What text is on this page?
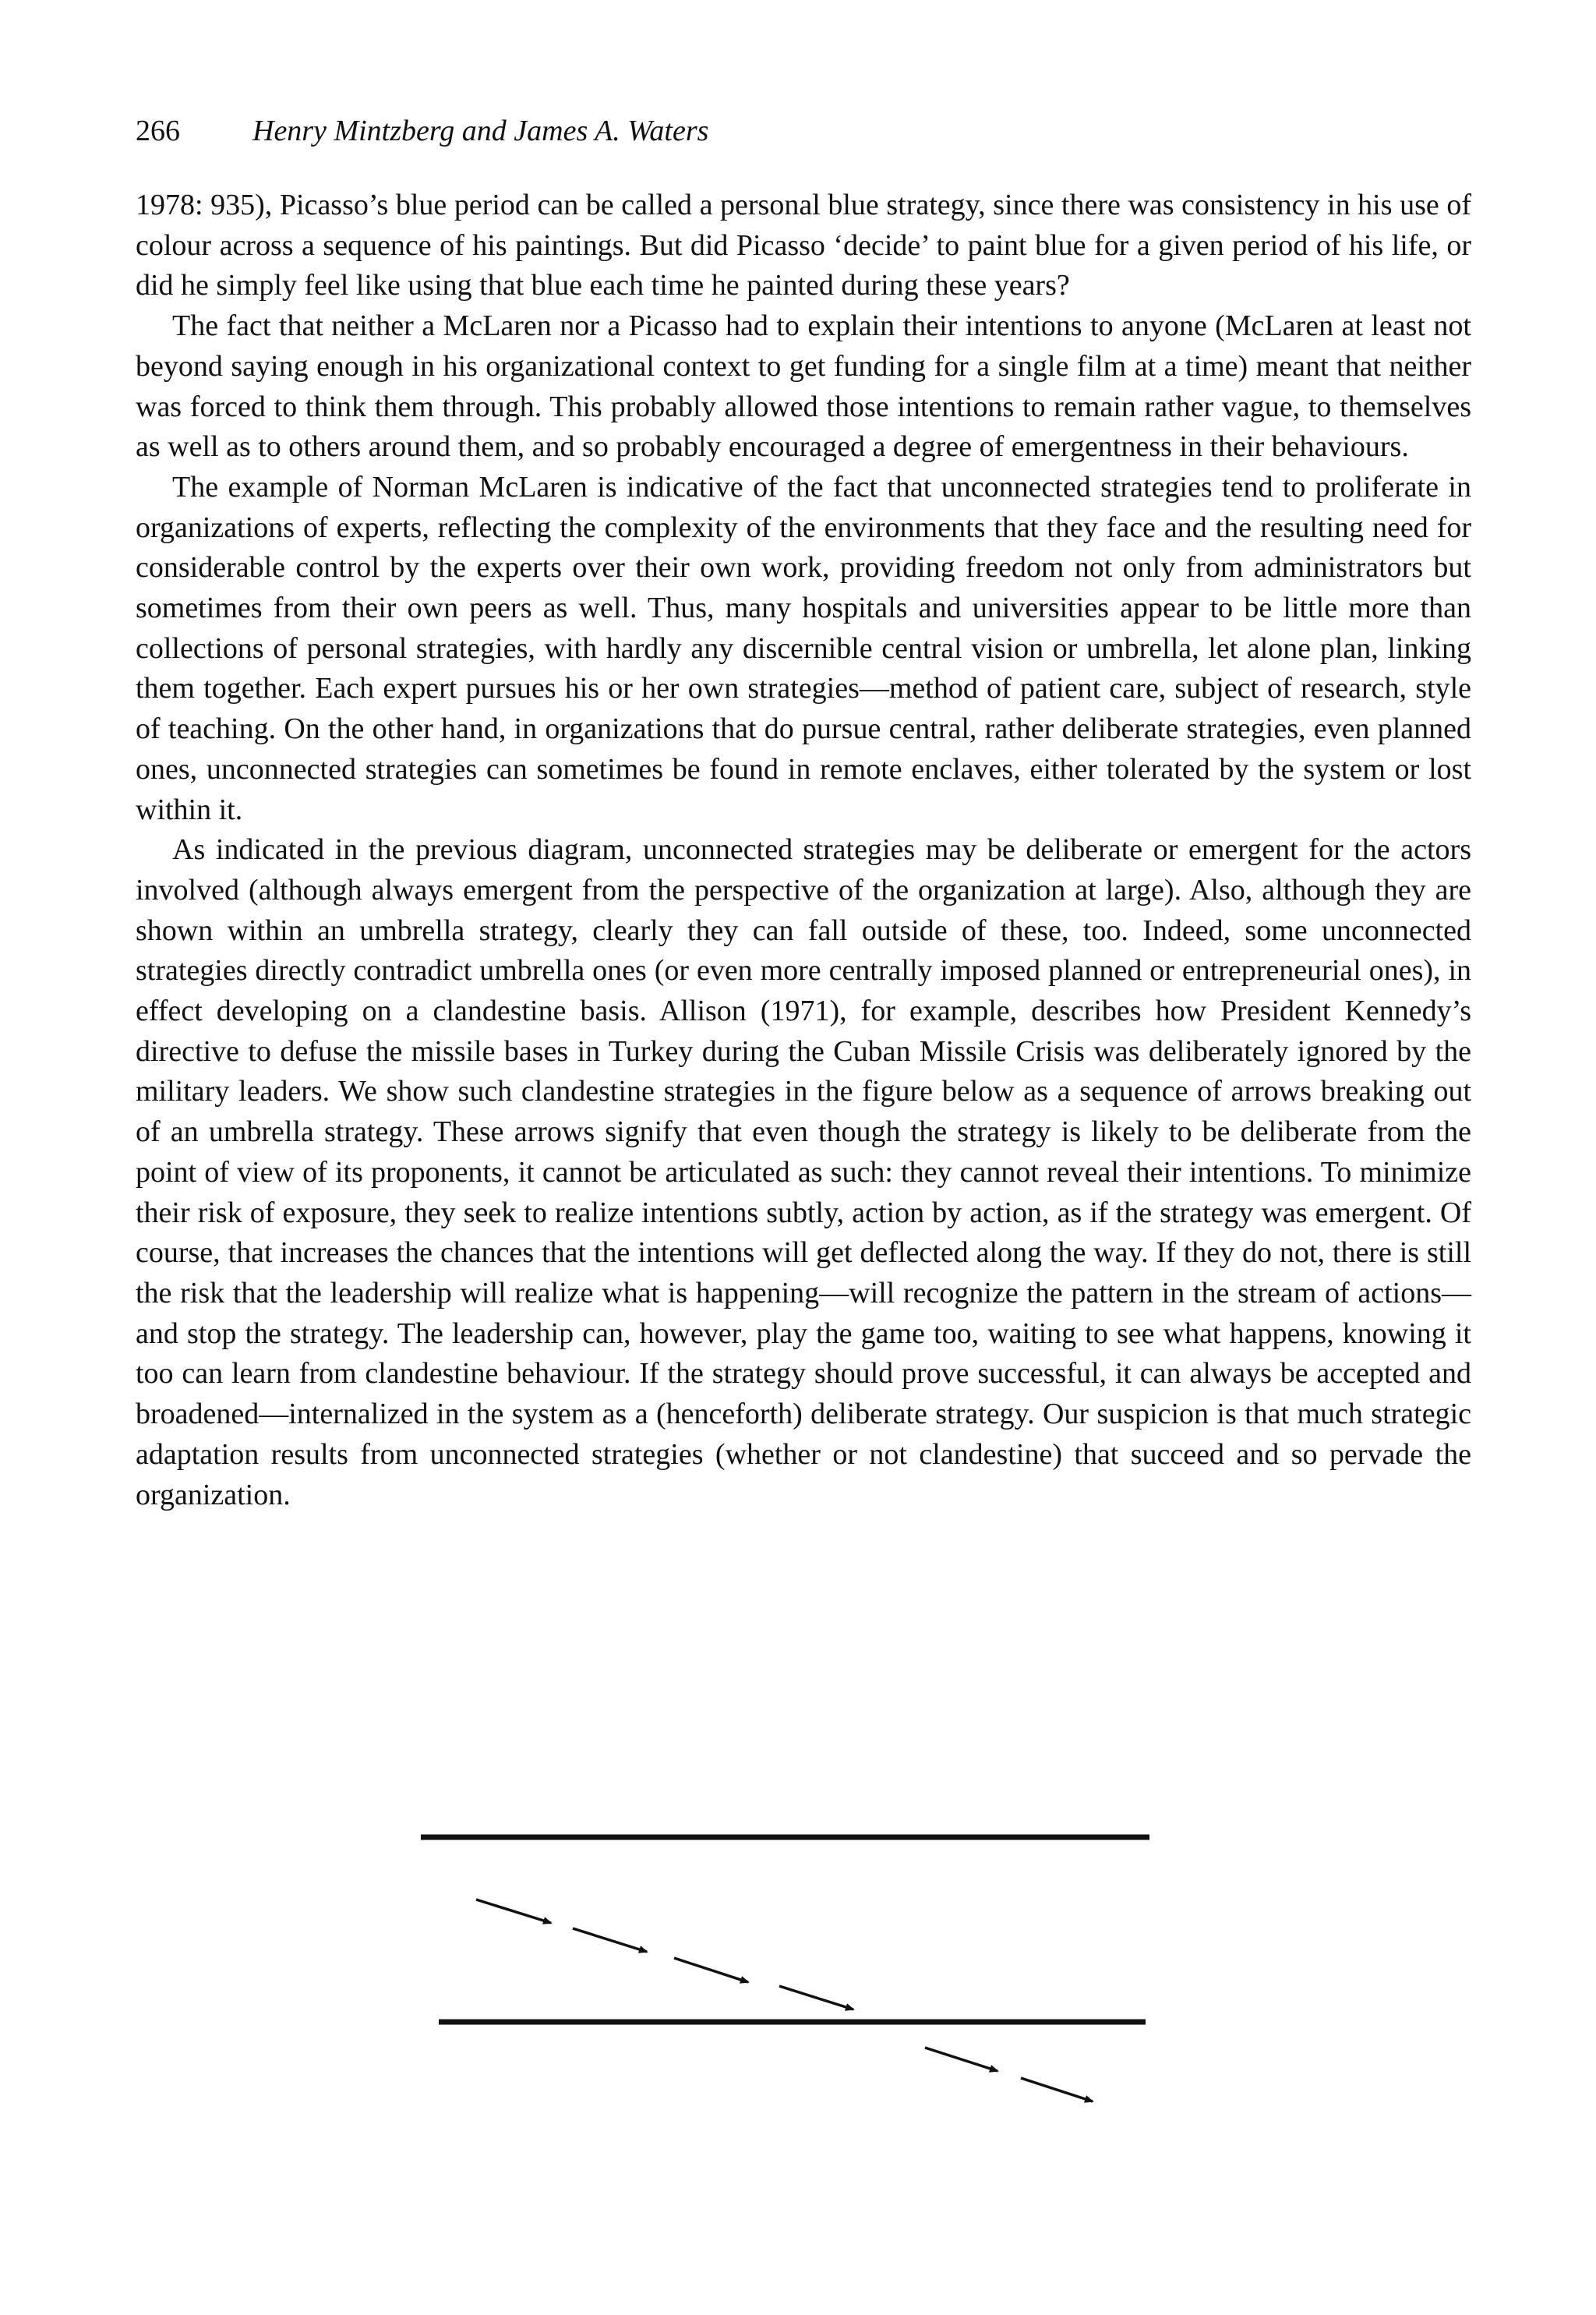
266 Henry Mintzberg and James A. Waters

1978: 935), Picasso’s blue period can be called a personal blue strategy, since there was consistency in his use of colour across a sequence of his paintings. But did Picasso ‘decide’ to paint blue for a given period of his life, or did he simply feel like using that blue each time he painted during these years?

The fact that neither a McLaren nor a Picasso had to explain their intentions to anyone (McLaren at least not beyond saying enough in his organizational context to get funding for a single film at a time) meant that neither was forced to think them through. This probably allowed those intentions to remain rather vague, to themselves as well as to others around them, and so probably encouraged a degree of emergentness in their behaviours.

The example of Norman McLaren is indicative of the fact that unconnected strategies tend to proliferate in organizations of experts, reflecting the complexity of the environments that they face and the resulting need for considerable control by the experts over their own work, providing freedom not only from administrators but sometimes from their own peers as well. Thus, many hospitals and universities appear to be little more than collections of personal strategies, with hardly any discernible central vision or umbrella, let alone plan, linking them together. Each expert pursues his or her own strategies—method of patient care, subject of research, style of teaching. On the other hand, in organizations that do pursue central, rather deliberate strategies, even planned ones, unconnected strategies can sometimes be found in remote enclaves, either tolerated by the system or lost within it.

As indicated in the previous diagram, unconnected strategies may be deliberate or emergent for the actors involved (although always emergent from the perspective of the organization at large). Also, although they are shown within an umbrella strategy, clearly they can fall outside of these, too. Indeed, some unconnected strategies directly contradict umbrella ones (or even more centrally imposed planned or entrepreneurial ones), in effect developing on a clandestine basis. Allison (1971), for example, describes how President Kennedy’s directive to defuse the missile bases in Turkey during the Cuban Missile Crisis was deliberately ignored by the military leaders. We show such clandestine strategies in the figure below as a sequence of arrows breaking out of an umbrella strategy. These arrows signify that even though the strategy is likely to be deliberate from the point of view of its proponents, it cannot be articulated as such: they cannot reveal their intentions. To minimize their risk of exposure, they seek to realize intentions subtly, action by action, as if the strategy was emergent. Of course, that increases the chances that the intentions will get deflected along the way. If they do not, there is still the risk that the leadership will realize what is happening—will recognize the pattern in the stream of actions—and stop the strategy. The leadership can, however, play the game too, waiting to see what happens, knowing it too can learn from clandestine behaviour. If the strategy should prove successful, it can always be accepted and broadened—internalized in the system as a (henceforth) deliberate strategy. Our suspicion is that much strategic adaptation results from unconnected strategies (whether or not clandestine) that succeed and so pervade the organization.
